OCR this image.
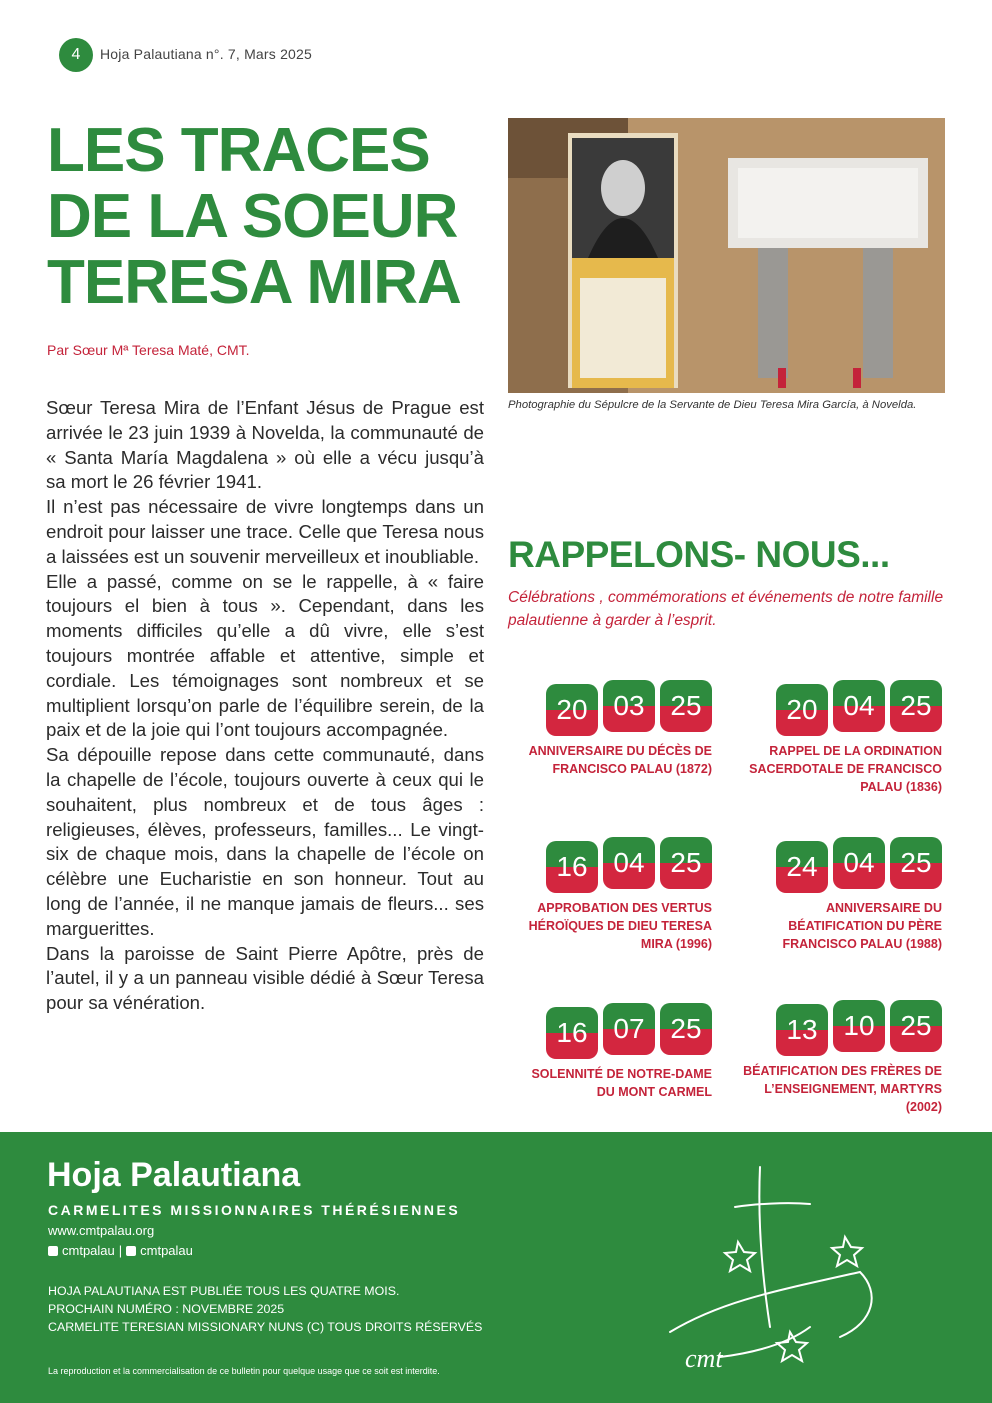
4	Hoja Palautiana n°. 7, Mars 2025
LES TRACES DE LA SOEUR TERESA MIRA
Par Sœur Mª Teresa Maté, CMT.

Sœur Teresa Mira de l’Enfant Jésus de Prague est arrivée le 23 juin 1939 à Novelda, la communauté de « Santa María Magdalena » où elle a vécu jusqu’à sa mort le 26 février 1941.

Il n’est pas nécessaire de vivre longtemps dans un endroit pour laisser une trace. Celle que Teresa nous a laissées est un souvenir merveilleux et inoubliable.

Elle a passé, comme on se le rappelle, à « faire toujours el bien à tous ». Cependant, dans les moments difficiles qu’elle a dû vivre, elle s’est toujours montrée affable et attentive, simple et cordiale. Les témoignages sont nombreux et se multiplient lorsqu’on parle de l’équilibre serein, de la paix et de la joie qui l’ont toujours accompagnée.

Sa dépouille repose dans cette communauté, dans la chapelle de l’école, toujours ouverte à ceux qui le souhaitent, plus nombreux et de tous âges : religieuses, élèves, professeurs, familles... Le vingt-six de chaque mois, dans la chapelle de l’école on célèbre une Eucharistie en son honneur. Tout au long de l’année, il ne manque jamais de fleurs... ses marguerittes.

Dans la paroisse de Saint Pierre Apôtre, près de l’autel, il y a un panneau visible dédié à Sœur Teresa pour sa vénération.

Photographie du Sépulcre de la Servante de Dieu Teresa Mira García, à Novelda.
RAPPELONS- NOUS...
Célébrations , commémorations et événements de notre famille palautienne à garder à l’esprit.
20 03 25
ANNIVERSAIRE DU DÉCÈS DE FRANCISCO PALAU (1872)
20 04 25
RAPPEL DE LA ORDINATION SACERDOTALE DE FRANCISCO PALAU (1836)
16 04 25
APPROBATION DES VERTUS HÉROÏQUES DE DIEU TERESA MIRA (1996)
24 04 25
ANNIVERSAIRE DU BÉATIFICATION DU PÈRE FRANCISCO PALAU (1988)
16 07 25
SOLENNITÉ DE NOTRE-DAME DU MONT CARMEL
13 10 25
BÉATIFICATION DES FRÈRES DE L’ENSEIGNEMENT, MARTYRS (2002)
Hoja Palautiana
CARMELITES MISSIONNAIRES THÉRÉSIENNES
www.cmtpalau.org
cmtpalau | cmtpalau
HOJA PALAUTIANA EST PUBLIÉE TOUS LES QUATRE MOIS.
PROCHAIN NUMÉRO : NOVEMBRE 2025
CARMELITE TERESIAN MISSIONARY NUNS (C) TOUS DROITS RÉSERVÉS
La reproduction et la commercialisation de ce bulletin pour quelque usage que ce soit est interdite.	cmt
